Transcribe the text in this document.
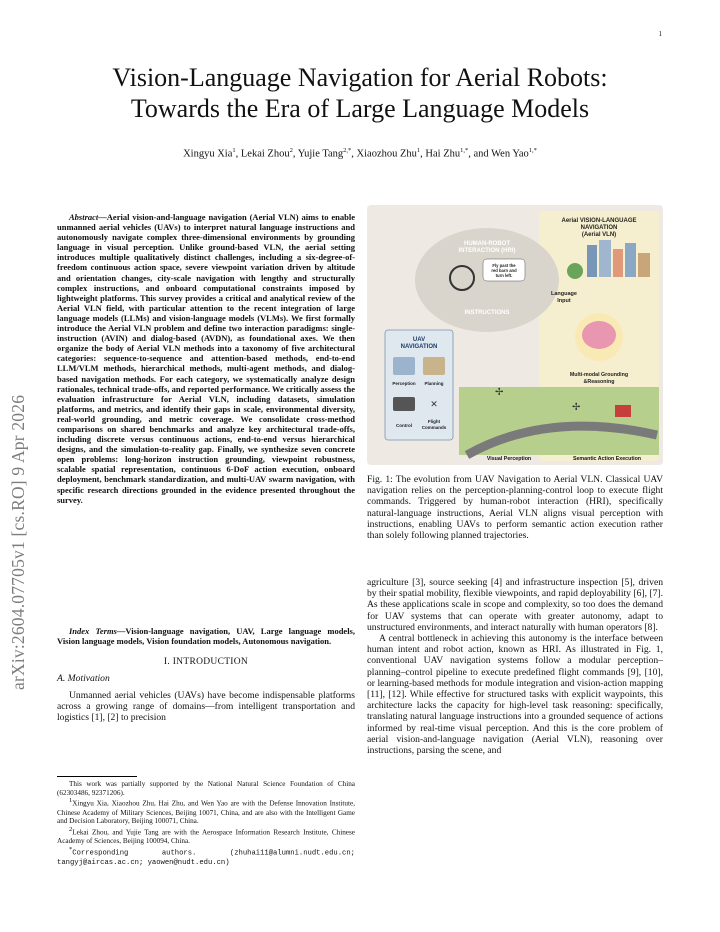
1
arXiv:2604.07705v1 [cs.RO] 9 Apr 2026
Vision-Language Navigation for Aerial Robots:
Towards the Era of Large Language Models
Xingyu Xia$^1$, Lekai Zhou$^2$, Yujie Tang$^{2,*}$, Xiaozhou Zhu$^1$, Hai Zhu$^{1,*}$, and Wen Yao$^{1,*}$

Abstract—Aerial vision-and-language navigation (Aerial VLN) aims to enable unmanned aerial vehicles (UAVs) to interpret natural language instructions and autonomously navigate complex three-dimensional environments by grounding language in visual perception. Unlike ground-based VLN, the aerial setting introduces multiple qualitatively distinct challenges, including a six-degree-of-freedom continuous action space, severe viewpoint variation driven by altitude and orientation changes, city-scale navigation with lengthy and structurally complex instructions, and onboard computational constraints imposed by lightweight platforms. This survey provides a critical and analytical review of the Aerial VLN field, with particular attention to the recent integration of large language models (LLMs) and vision-language models (VLMs). We first formally introduce the Aerial VLN problem and define two interaction paradigms: single-instruction (AVIN) and dialog-based (AVDN), as foundational axes. We then organize the body of Aerial VLN methods into a taxonomy of five architectural categories: sequence-to-sequence and attention-based methods, end-to-end LLM/VLM methods, hierarchical methods, multi-agent methods, and dialog-based navigation methods. For each category, we systematically analyze design rationales, technical trade-offs, and reported performance. We critically assess the evaluation infrastructure for Aerial VLN, including datasets, simulation platforms, and metrics, and identify their gaps in scale, environmental diversity, real-world grounding, and metric coverage. We consolidate cross-method comparisons on shared benchmarks and analyze key architectural trade-offs, including discrete versus continuous actions, end-to-end versus hierarchical designs, and the simulation-to-reality gap. Finally, we synthesize seven concrete open problems: long-horizon instruction grounding, viewpoint robustness, scalable spatial representation, continuous 6-DoF action execution, onboard deployment, benchmark standardization, and multi-UAV swarm navigation, with specific research directions grounded in the evidence presented throughout the survey.

Index Terms—Vision-language navigation, UAV, Large language models, Vision language models, Vision foundation models, Autonomous navigation.

I. INTRODUCTION
A. Motivation

Unmanned aerial vehicles (UAVs) have become indispensable platforms across a growing range of domains—from intelligent transportation and logistics [1], [2] to precision

This work was partially supported by the National Natural Science Foundation of China (62303486, 92371206).

$^1$Xingyu Xia, Xiaozhou Zhu, Hai Zhu, and Wen Yao are with the Defense Innovation Institute, Chinese Academy of Military Sciences, Beijing 10071, China, and are also with the Intelligent Game and Decision Laboratory, Beijing 100071, China.

$^2$Lekai Zhou, and Yujie Tang are with the Aerospace Information Research Institute, Chinese Academy of Sciences, Beijing 100094, China.

*Corresponding authors. (zhuhai11@alumni.nudt.edu.cn; tangyj@aircas.ac.cn; yaowen@nudt.edu.cn)

Aerial VISION-LANGUAGE
NAVIGATION
(Aerial VLN)
HUMAN-ROBOT
INTERACTION (HRI)
Fly past the
red barn and
turn left.
INSTRUCTIONS
Language
Input
Multi-modal Grounding
&Reasoning
UAV
NAVIGATION
Perception Planning
✕
Control
Flight
Commands
✢
✢
Visual Perception	Semantic Action Execution

Fig. 1: The evolution from UAV Navigation to Aerial VLN. Classical UAV navigation relies on the perception-planning-control loop to execute flight commands. Triggered by human-robot interaction (HRI), specifically natural-language instructions, Aerial VLN aligns visual perception with instructions, enabling UAVs to perform semantic action execution rather than solely following planned trajectories.

agriculture [3], source seeking [4] and infrastructure inspection [5], driven by their spatial mobility, flexible viewpoints, and rapid deployability [6], [7]. As these applications scale in scope and complexity, so too does the demand for UAV systems that can operate with greater autonomy, adapt to unstructured environments, and interact naturally with human operators [8].

A central bottleneck in achieving this autonomy is the interface between human intent and robot action, known as HRI. As illustrated in Fig. 1, conventional UAV navigation systems follow a modular perception–planning–control pipeline to execute predefined flight commands [9], [10], or learning-based methods for module integration and vision-action mapping [11], [12]. While effective for structured tasks with explicit waypoints, this architecture lacks the capacity for high-level task reasoning: specifically, translating natural language instructions into a grounded sequence of actions informed by real-time visual perception. And this is the core problem of aerial vision-and-language navigation (Aerial VLN), reasoning over instructions, parsing the scene, and
